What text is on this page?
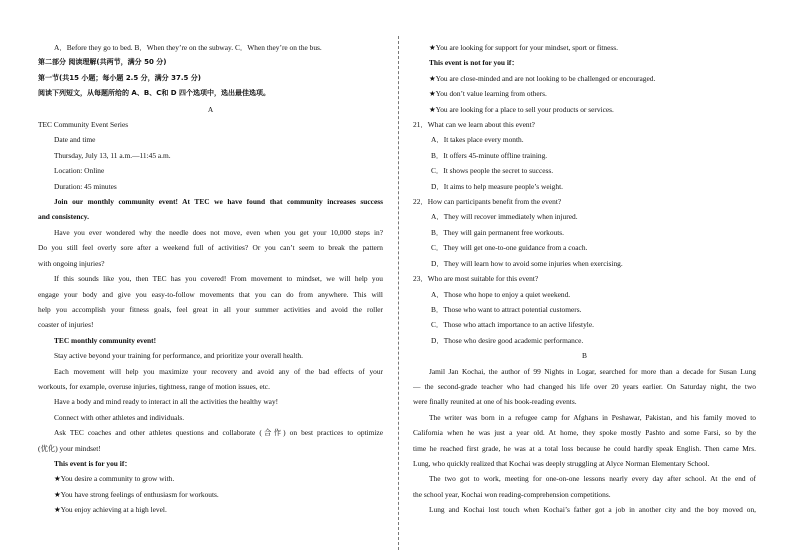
A．Before they go to bed. B．When they’re on the subway. C．When they’re on the bus.

第二部分 阅读理解(共两节，满分 50 分)

第一节(共15 小题；每小题 2.5 分，满分 37.5 分)

阅读下列短文，从每题所给的 A、B、C和 D 四个选项中，选出最佳选项。

A

TEC Community Event Series

Date and time

Thursday, July 13, 11 a.m.—11:45 a.m.

Location: Online

Duration: 45 minutes

Join our monthly community event! At TEC we have found that community increases success

and consistency.

Have you ever wondered why the needle does not move, even when you get your 10,000 steps in?

Do you still feel overly sore after a weekend full of activities? Or you can’t seem to break the pattern

with ongoing injuries?

If this sounds like you, then TEC has you covered! From movement to mindset, we will help you

engage your body and give you easy-to-follow movements that you can do from anywhere. This will

help you accomplish your fitness goals, feel great in all your summer activities and avoid the roller

coaster of injuries!

TEC monthly community event!

Stay active beyond your training for performance, and prioritize your overall health.

Each movement will help you maximize your recovery and avoid any of the bad effects of your

workouts, for example, overuse injuries, tightness, range of motion issues, etc.

Have a body and mind ready to interact in all the activities the healthy way!

Connect with other athletes and individuals.

Ask TEC coaches and other athletes questions and collaborate (合作) on best practices to optimize

(优化) your mindset!

This event is for you if：

★You desire a community to grow with.

★You have strong feelings of enthusiasm for workouts.

★You enjoy achieving at a high level.

★You are looking for support for your mindset, sport or fitness.

This event is not for you if：

★You are close-minded and are not looking to be challenged or encouraged.

★You don’t value learning from others.

★You are looking for a place to sell your products or services.

21．What can we learn about this event?

A．It takes place every month.

B．It offers 45-minute offline training.

C．It shows people the secret to success.

D．It aims to help measure people’s weight.

22．How can participants benefit from the event?

A．They will recover immediately when injured.

B．They will gain permanent free workouts.

C．They will get one-to-one guidance from a coach.

D．They will learn how to avoid some injuries when exercising.

23．Who are most suitable for this event?

A．Those who hope to enjoy a quiet weekend.

B．Those who want to attract potential customers.

C．Those who attach importance to an active lifestyle.

D．Those who desire good academic performance.

B

Jamil Jan Kochai, the author of 99 Nights in Logar, searched for more than a decade for Susan Lung

— the second-grade teacher who had changed his life over 20 years earlier. On Saturday night, the two

were finally reunited at one of his book-reading events.

The writer was born in a refugee camp for Afghans in Peshawar, Pakistan, and his family moved to

California when he was just a year old. At home, they spoke mostly Pashto and some Farsi, so by the

time he reached first grade, he was at a total loss because he could hardly speak English. Then came Mrs.

Lung, who quickly realized that Kochai was deeply struggling at Alyce Norman Elementary School.

The two got to work, meeting for one-on-one lessons nearly every day after school. At the end of

the school year, Kochai won reading-comprehension competitions.

Lung and Kochai lost touch when Kochai’s father got a job in another city and the boy moved on,
